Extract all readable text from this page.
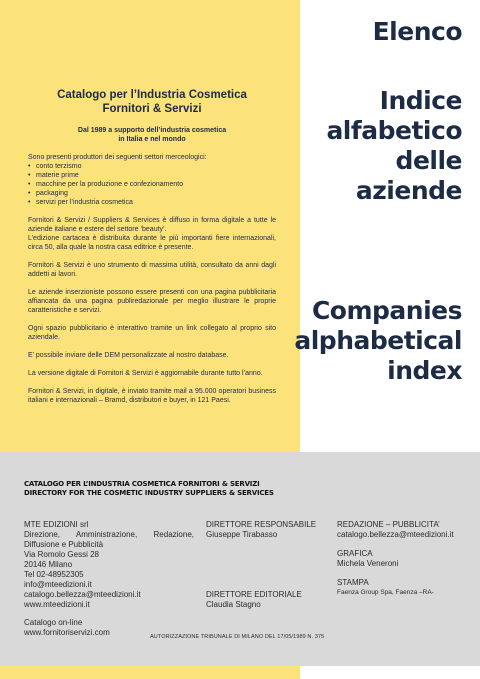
Catalogo per l’Industria Cosmetica
Fornitori & Servizi
Dal 1989 a supporto dell’industria cosmetica
in Italia e nel mondo

Sono presenti produttori dei seguenti settori merceologici:

• conto terzismo
• materie prime
• macchine per la produzione e confezionamento
• packaging
• servizi per l’industria cosmetica

Fornitori & Servizi / Suppliers & Services è diffuso in forma digitale a tutte le aziende italiane e estere del settore ‘beauty’.

L’edizione cartacea è distribuita durante le più importanti fiere internazionali, circa 50, alla quale la nostra casa editrice è presente.

Fornitori & Servizi è uno strumento di massima utilità, consultato da anni dagli addetti ai lavori.

Le aziende inserzioniste possono essere presenti con una pagina pubblicitaria affiancata da una pagina publiredazionale per meglio illustrare le proprie caratteristiche e servizi.

Ogni spazio pubblicitario è interattivo tramite un link collegato al proprio sito aziendale.

E’ possibile inviare delle DEM personalizzate al nostro database.

La versione digitale di Fornitori & Servizi è aggiornabile durante tutto l’anno.

Fornitori & Servizi, in digitale, è inviato tramite mail a 95.000 operatori business italiani e internazionali – Bramd, distributori e buyer, in 121 Paesi.

Elenco
Indice
alfabetico
delle
aziende
Companies
alphabetical
index
CATALOGO PER L’INDUSTRIA COSMETICA FORNITORI & SERVIZI
DIRECTORY FOR THE COSMETIC INDUSTRY SUPPLIERS & SERVICES
MTE EDIZIONI srl
Direzione, Amministrazione, Redazione, Diffusione e Pubblicità
Via Romolo Gessi 28
20146 Milano
Tel 02-48952305
info@mteedizioni.it
catalogo.bellezza@mteedizioni.it
www.mteedizioni.it
DIRETTORE RESPONSABILE
Giuseppe Tirabasso
DIRETTORE EDITORIALE
Claudia Stagno
REDAZIONE – PUBBLICITA’
catalogo.bellezza@mteedizioni.it
GRAFICA
Michela Veneroni
STAMPA
Faenza Group Spa, Faenza –RA-
Catalogo on-line
www.fornitoriservizi.com	AUTORIZZAZIONE TRIBUNALE DI MILANO DEL 17/05/1989 N. 375
